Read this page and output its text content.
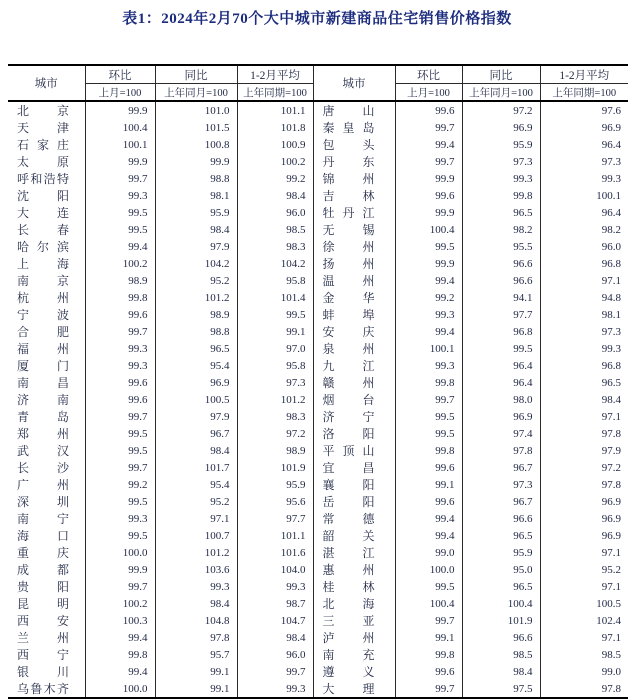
表1：2024年2月70个大中城市新建商品住宅销售价格指数
城市	环比	同比	1-2月平均	城市	环比	同比	1-2月平均
	上月=100	上年同月=100	上年同期=100		上月=100	上年同月=100	上年同期=100

北 京	99.9	101.0	101.1	唐 山	99.6	97.2	97.6

天 津	100.4	101.5	101.8	秦 皇 岛	99.7	96.9	96.9

石 家 庄	100.1	100.8	100.9	包 头	99.4	95.9	96.4

太 原	99.9	99.9	100.2	丹 东	99.7	97.3	97.3

呼 和 浩 特	99.7	98.8	99.2	锦 州	99.9	99.3	99.3

沈 阳	99.3	98.1	98.4	吉 林	99.6	99.8	100.1

大 连	99.5	95.9	96.0	牡 丹 江	99.9	96.5	96.4

长 春	99.5	98.4	98.5	无 锡	100.4	98.2	98.2

哈 尔 滨	99.4	97.9	98.3	徐 州	99.5	95.5	96.0

上 海	100.2	104.2	104.2	扬 州	99.9	96.6	96.8

南 京	98.9	95.2	95.8	温 州	99.4	96.6	97.1

杭 州	99.8	101.2	101.4	金 华	99.2	94.1	94.8

宁 波	99.6	98.9	99.5	蚌 埠	99.3	97.7	98.1

合 肥	99.7	98.8	99.1	安 庆	99.4	96.8	97.3

福 州	99.3	96.5	97.0	泉 州	100.1	99.5	99.3

厦 门	99.3	95.4	95.8	九 江	99.3	96.4	96.8

南 昌	99.6	96.9	97.3	赣 州	99.8	96.4	96.5

济 南	99.6	100.5	101.2	烟 台	99.7	98.0	98.4

青 岛	99.7	97.9	98.3	济 宁	99.5	96.9	97.1

郑 州	99.5	96.7	97.2	洛 阳	99.5	97.4	97.8

武 汉	99.5	98.4	98.9	平 顶 山	99.8	97.8	97.9

长 沙	99.7	101.7	101.9	宜 昌	99.6	96.7	97.2

广 州	99.2	95.4	95.9	襄 阳	99.1	97.3	97.8

深 圳	99.5	95.2	95.6	岳 阳	99.6	96.7	96.9

南 宁	99.3	97.1	97.7	常 德	99.4	96.6	96.9

海 口	99.5	100.7	101.1	韶 关	99.4	96.5	96.9

重 庆	100.0	101.2	101.6	湛 江	99.0	95.9	97.1

成 都	99.9	103.6	104.0	惠 州	100.0	95.0	95.2

贵 阳	99.7	99.3	99.3	桂 林	99.5	96.5	97.1

昆 明	100.2	98.4	98.7	北 海	100.4	100.4	100.5

西 安	100.3	104.8	104.7	三 亚	99.7	101.9	102.4

兰 州	99.4	97.8	98.4	泸 州	99.1	96.6	97.1

西 宁	99.8	95.7	96.0	南 充	99.8	98.5	98.5

银 川	99.4	99.1	99.7	遵 义	99.6	98.4	99.0

乌 鲁 木 齐	100.0	99.1	99.3	大 理	99.7	97.5	97.8
